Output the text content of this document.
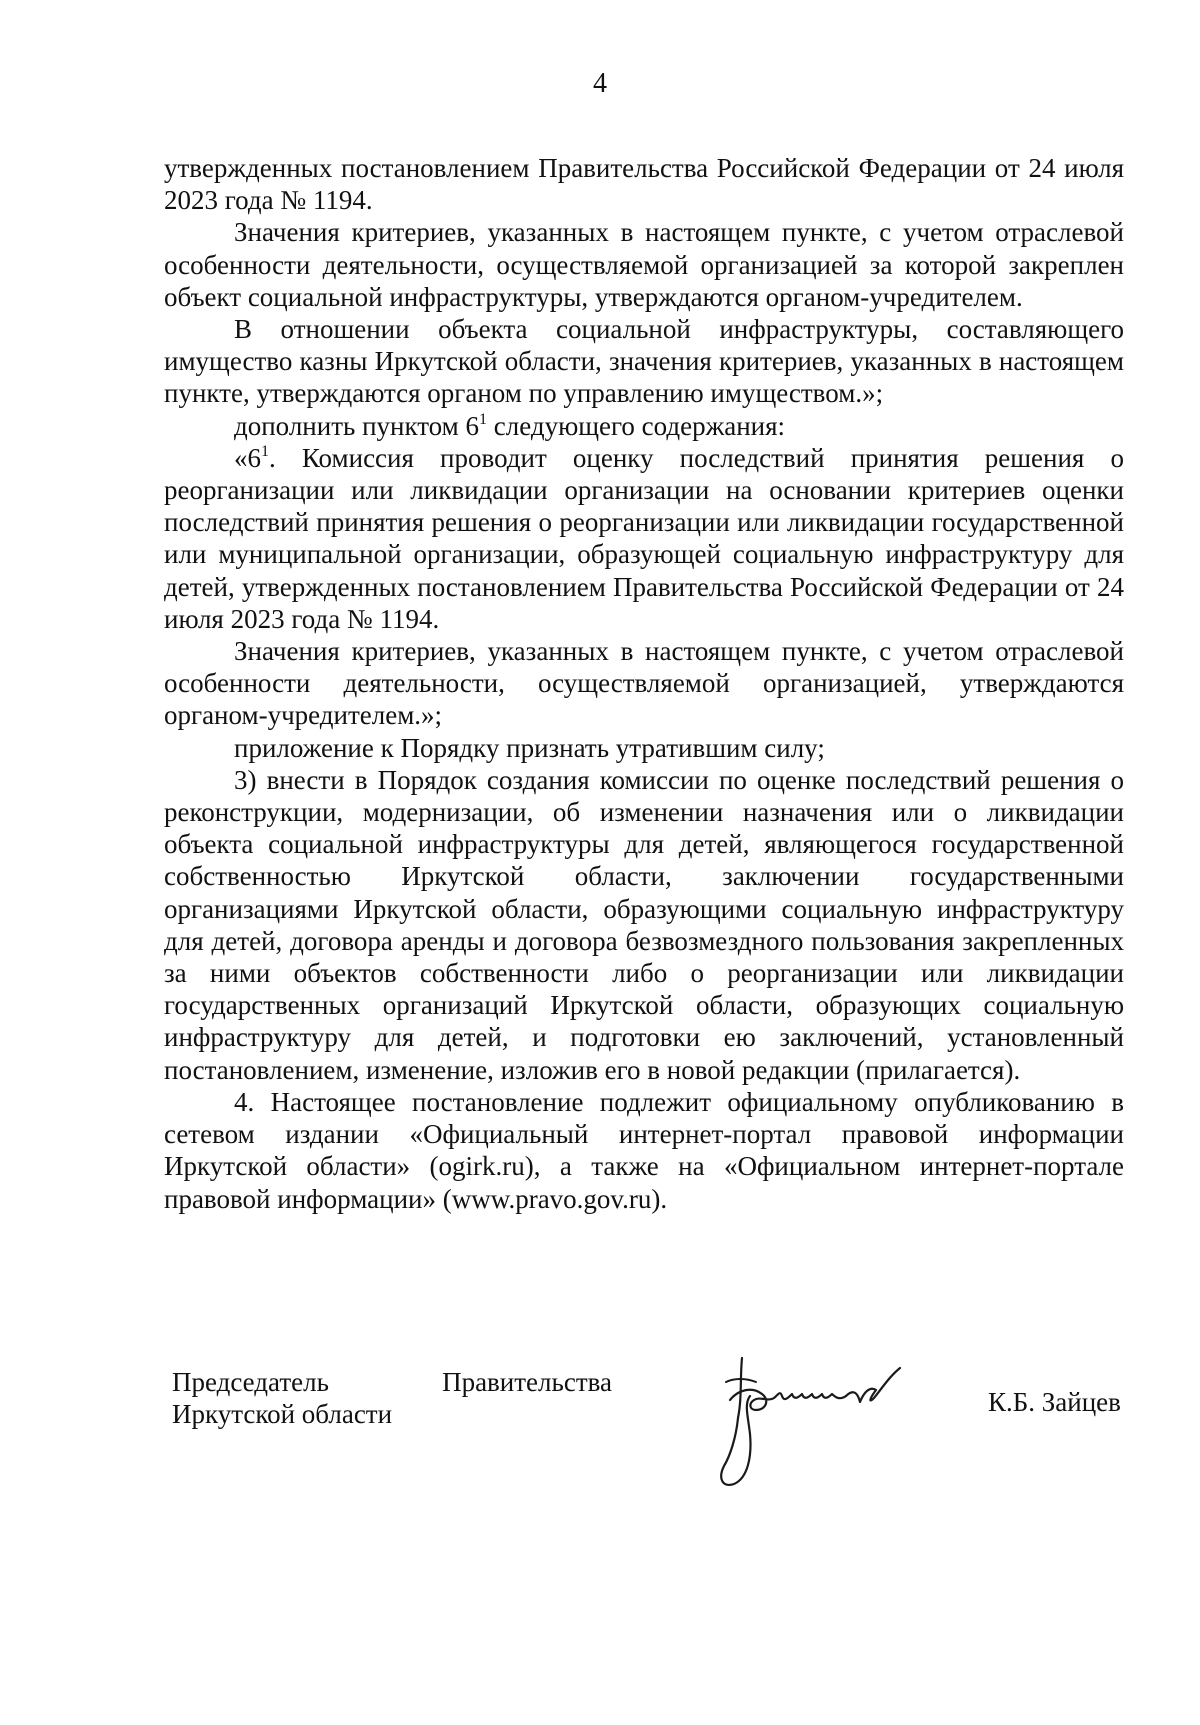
4

утвержденных постановлением Правительства Российской Федерации от 24 июля 2023 года № 1194.

Значения критериев, указанных в настоящем пункте, с учетом отраслевой особенности деятельности, осуществляемой организацией за которой закреплен объект социальной инфраструктуры, утверждаются органом-учредителем.

В отношении объекта социальной инфраструктуры, составляющего имущество казны Иркутской области, значения критериев, указанных в настоящем пункте, утверждаются органом по управлению имуществом.»;

дополнить пунктом $6^1$ следующего содержания:

«$6^1$. Комиссия проводит оценку последствий принятия решения о реорганизации или ликвидации организации на основании критериев оценки последствий принятия решения о реорганизации или ликвидации государственной или муниципальной организации, образующей социальную инфраструктуру для детей, утвержденных постановлением Правительства Российской Федерации от 24 июля 2023 года № 1194.

Значения критериев, указанных в настоящем пункте, с учетом отраслевой особенности деятельности, осуществляемой организацией, утверждаются органом-учредителем.»;

приложение к Порядку признать утратившим силу;

3) внести в Порядок создания комиссии по оценке последствий решения о реконструкции, модернизации, об изменении назначения или о ликвидации объекта социальной инфраструктуры для детей, являющегося государственной собственностью Иркутской области, заключении государственными организациями Иркутской области, образующими социальную инфраструктуру для детей, договора аренды и договора безвозмездного пользования закрепленных за ними объектов собственности либо о реорганизации или ликвидации государственных организаций Иркутской области, образующих социальную инфраструктуру для детей, и подготовки ею заключений, установленный постановлением, изменение, изложив его в новой редакции (прилагается).

4. Настоящее постановление подлежит официальному опубликованию в сетевом издании «Официальный интернет-портал правовой информации Иркутской области» (ogirk.ru), а также на «Официальном интернет-портале правовой информации» (www.pravo.gov.ru).

Председатель	Правительства
Иркутской области	К.Б. Зайцев
